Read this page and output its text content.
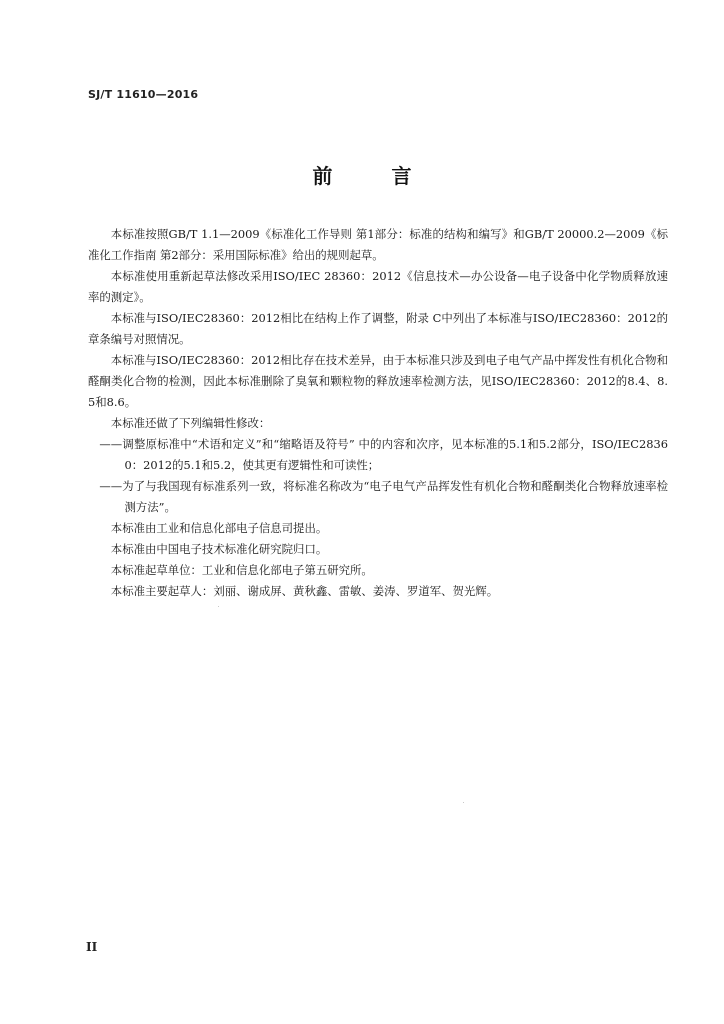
SJ/T 11610—2016
前 言

本标准按照GB/T 1.1—2009《标准化工作导则 第1部分：标准的结构和编写》和GB/T 20000.2—2009《标准化工作指南 第2部分：采用国际标准》给出的规则起草。

本标准使用重新起草法修改采用ISO/IEC 28360：2012《信息技术—办公设备—电子设备中化学物质释放速率的测定》。

本标准与ISO/IEC28360：2012相比在结构上作了调整，附录 C中列出了本标准与ISO/IEC28360：2012的章条编号对照情况。

本标准与ISO/IEC28360：2012相比存在技术差异，由于本标准只涉及到电子电气产品中挥发性有机化合物和醛酮类化合物的检测，因此本标准删除了臭氧和颗粒物的释放速率检测方法，见ISO/IEC28360：2012的8.4、8.5和8.6。

本标准还做了下列编辑性修改：

——调整原标准中“术语和定义”和“缩略语及符号” 中的内容和次序，见本标准的5.1和5.2部分，ISO/IEC28360：2012的5.1和5.2，使其更有逻辑性和可读性；

——为了与我国现有标准系列一致，将标准名称改为“电子电气产品挥发性有机化合物和醛酮类化合物释放速率检测方法”。

本标准由工业和信息化部电子信息司提出。

本标准由中国电子技术标准化研究院归口。

本标准起草单位：工业和信息化部电子第五研究所。

本标准主要起草人：刘丽、谢成屏、黄秋鑫、雷敏、姜涛、罗道军、贺光辉。

II
